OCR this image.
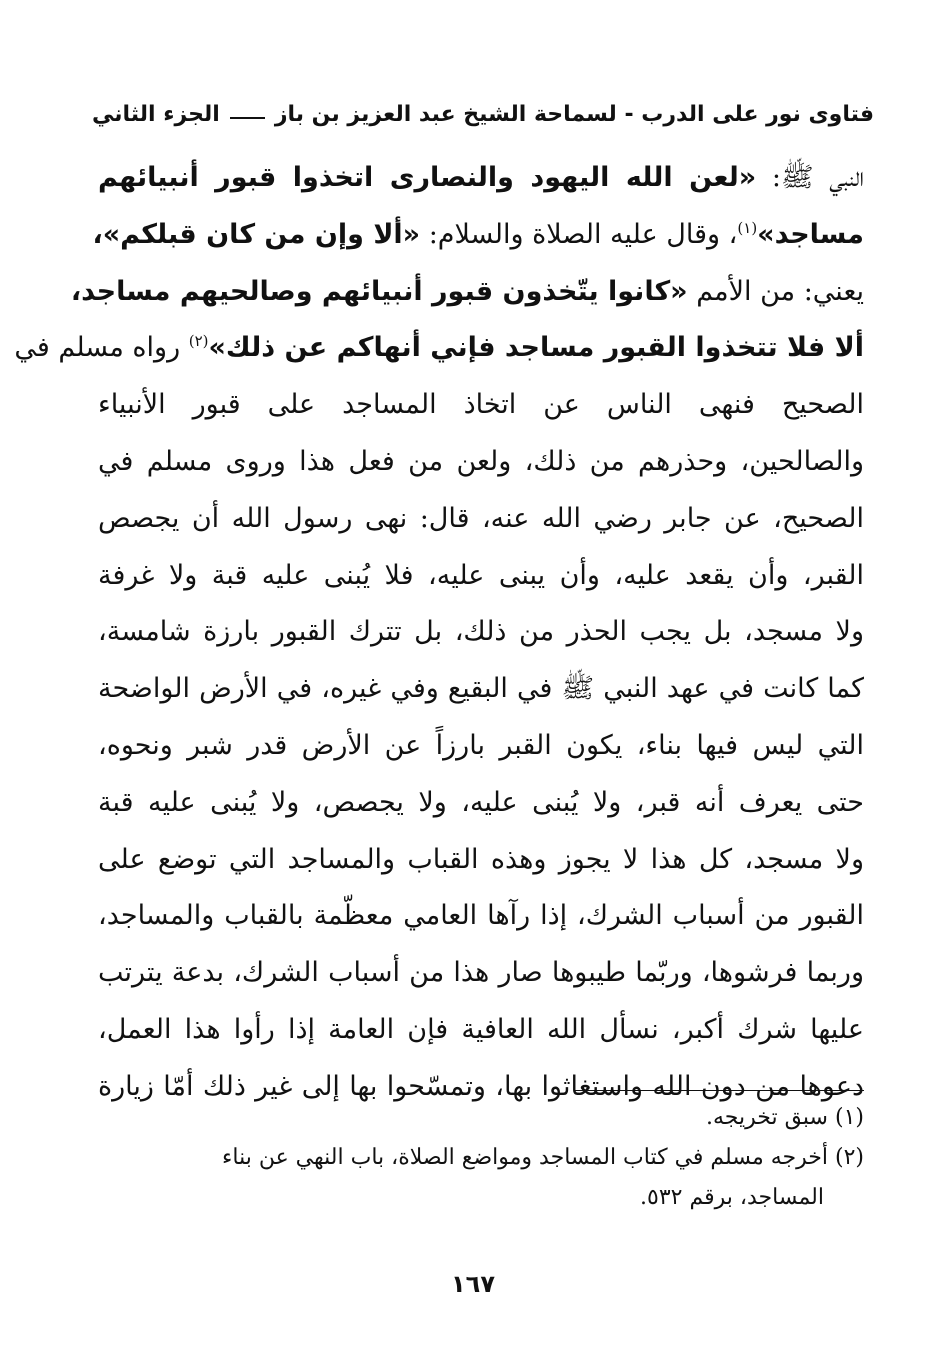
فتاوى نور على الدرب - لسماحة الشيخ عبد العزيز بن باز
الجزء الثاني
النبي ﷺ: «لعن الله اليهود والنصارى اتخذوا قبور أنبيائهم
مساجد»$^{(١)}$، وقال عليه الصلاة والسلام: «ألا وإن من كان قبلكم»،
يعني: من الأمم «كانوا يتّخذون قبور أنبيائهم وصالحيهم مساجد،
ألا فلا تتخذوا القبور مساجد فإني أنهاكم عن ذلك»$^{(٢)}$ رواه مسلم في
الصحيح فنهى الناس عن اتخاذ المساجد على قبور الأنبياء
والصالحين، وحذرهم من ذلك، ولعن من فعل هذا وروى مسلم في
الصحيح، عن جابر رضي الله عنه، قال: نهى رسول الله أن يجصص
القبر، وأن يقعد عليه، وأن يبنى عليه، فلا يُبنى عليه قبة ولا غرفة
ولا مسجد، بل يجب الحذر من ذلك، بل تترك القبور بارزة شامسة،
كما كانت في عهد النبي ﷺ في البقيع وفي غيره، في الأرض الواضحة
التي ليس فيها بناء، يكون القبر بارزاً عن الأرض قدر شبر ونحوه،
حتى يعرف أنه قبر، ولا يُبنى عليه، ولا يجصص، ولا يُبنى عليه قبة
ولا مسجد، كل هذا لا يجوز وهذه القباب والمساجد التي توضع على
القبور من أسباب الشرك، إذا رآها العامي معظّمة بالقباب والمساجد،
وربما فرشوها، وربّما طيبوها صار هذا من أسباب الشرك، بدعة يترتب
عليها شرك أكبر، نسأل الله العافية فإن العامة إذا رأوا هذا العمل،
دعوها من دون الله واستغاثوا بها، وتمسّحوا بها إلى غير ذلك أمّا زيارة
(١) سبق تخريجه.
(٢) أخرجه مسلم في كتاب المساجد ومواضع الصلاة، باب النهي عن بناء
المساجد، برقم ٥٣٢.
١٦٧
